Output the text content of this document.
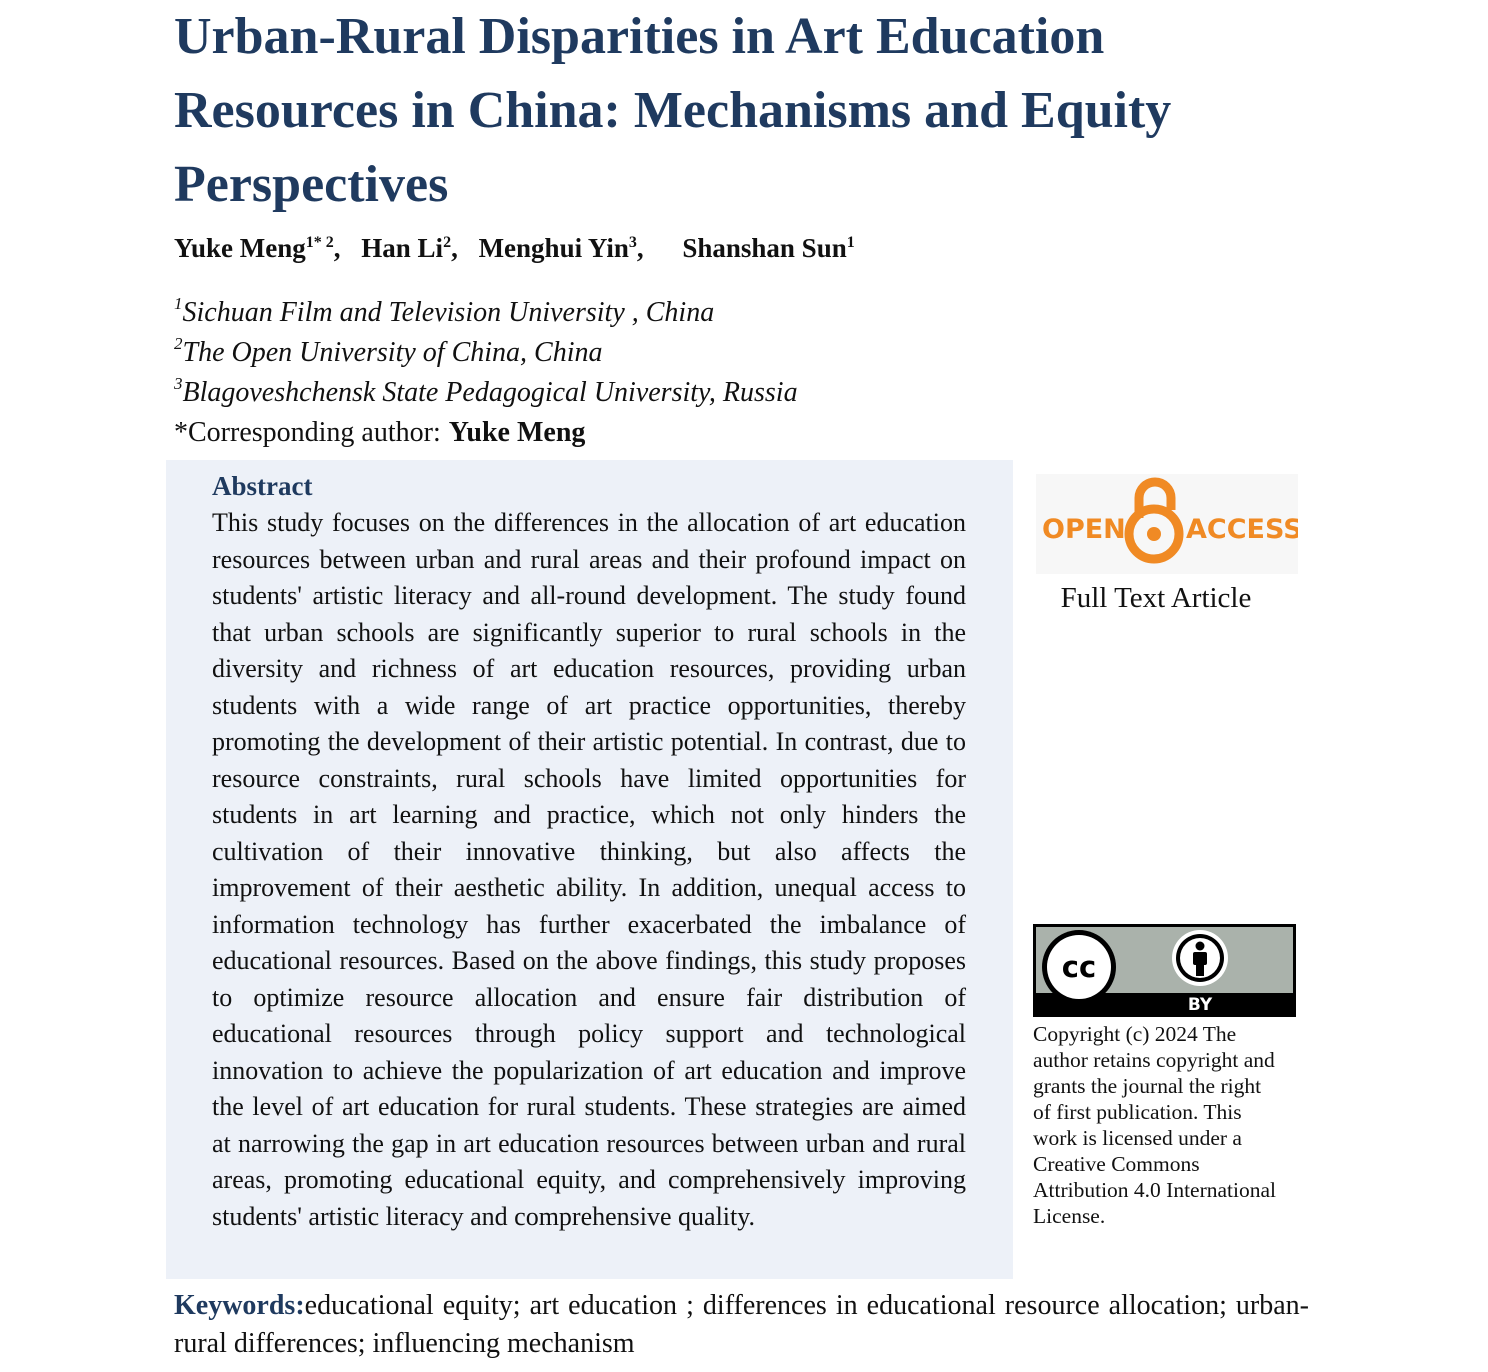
Urban-Rural Disparities in Art Education Resources in China: Mechanisms and Equity Perspectives
Yuke Meng$^{1* 2}$, Han Li$^2$, Menghui Yin$^3$, Shanshan Sun$^1$
$^1$Sichuan Film and Television University , China
$^2$The Open University of China, China
$^3$Blagoveshchensk State Pedagogical University, Russia
*Corresponding author: Yuke Meng
Abstract

This study focuses on the differences in the allocation of art education resources between urban and rural areas and their profound impact on students' artistic literacy and all-round development. The study found that urban schools are significantly superior to rural schools in the diversity and richness of art education resources, providing urban students with a wide range of art practice opportunities, thereby promoting the development of their artistic potential. In contrast, due to resource constraints, rural schools have limited opportunities for students in art learning and practice, which not only hinders the cultivation of their innovative thinking, but also affects the improvement of their aesthetic ability. In addition, unequal access to information technology has further exacerbated the imbalance of educational resources. Based on the above findings, this study proposes to optimize resource allocation and ensure fair distribution of educational resources through policy support and technological innovation to achieve the popularization of art education and improve the level of art education for rural students. These strategies are aimed at narrowing the gap in art education resources between urban and rural areas, promoting educational equity, and comprehensively improving students' artistic literacy and comprehensive quality.

OPEN ACCESS
Full Text Article
cc
BY

Copyright (c) 2024 The author retains copyright and grants the journal the right of first publication. This work is licensed under a Creative Commons Attribution 4.0 International License.

Keywords:educational equity; art education ; differences in educational resource allocation; urban-rural differences; influencing mechanism
